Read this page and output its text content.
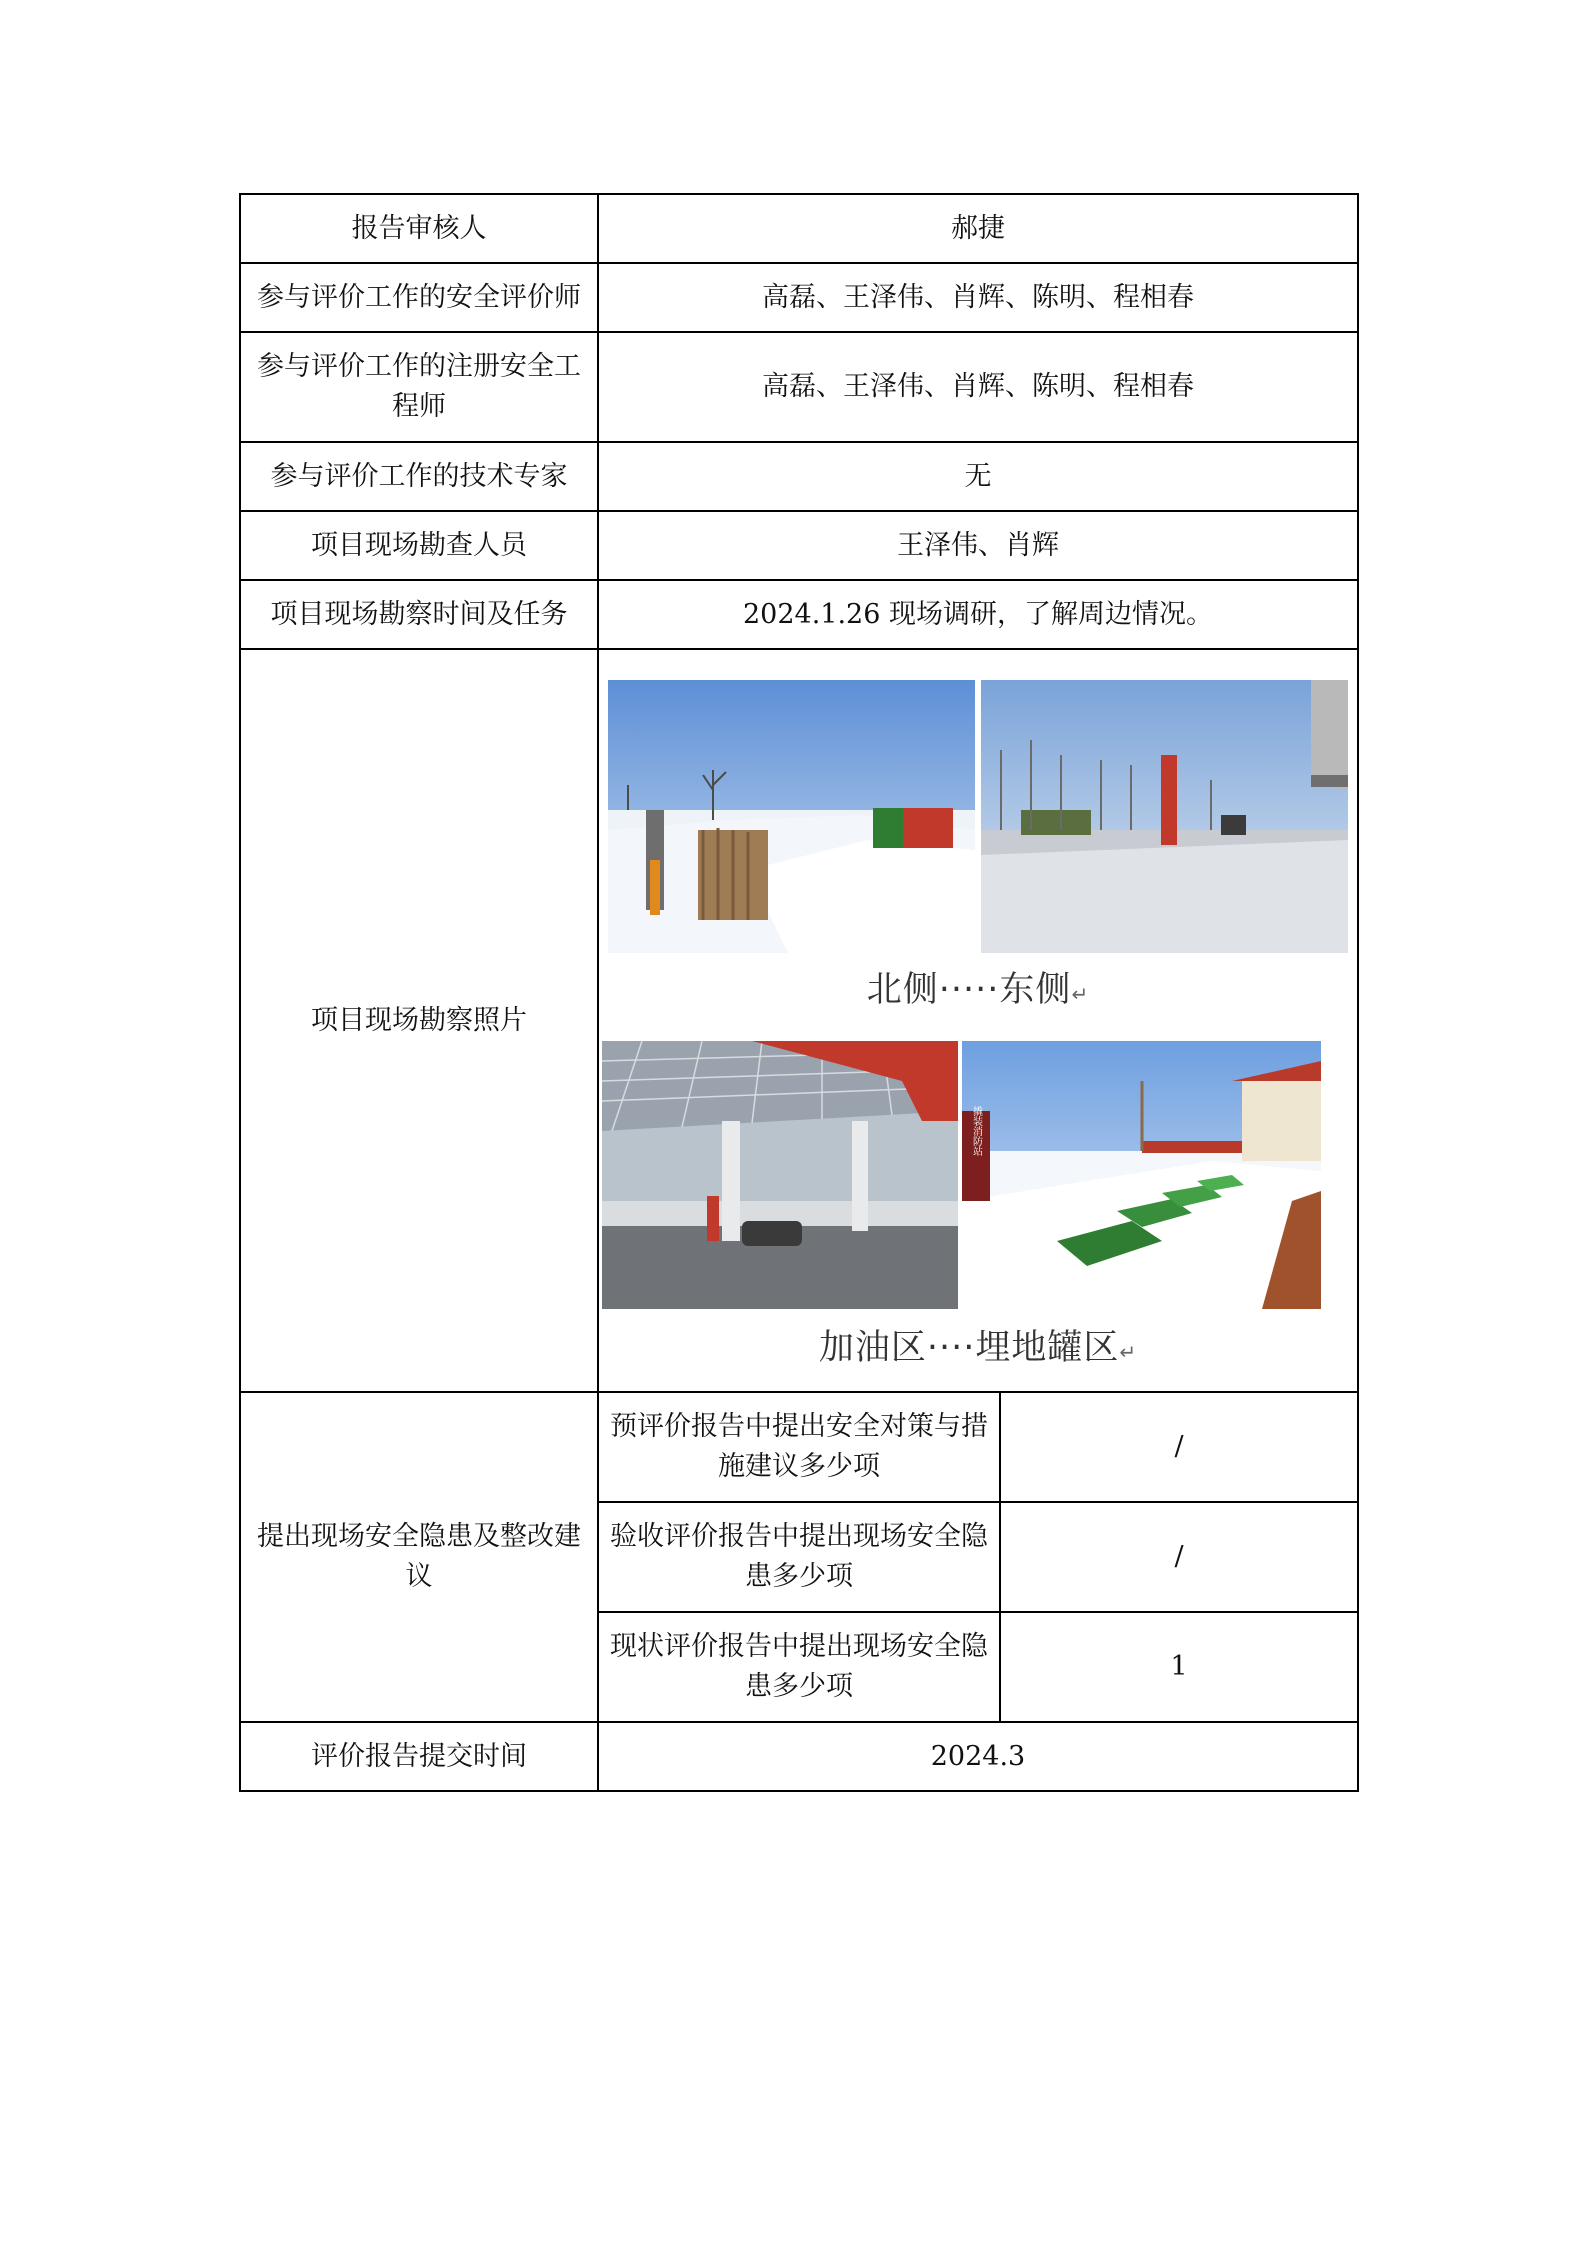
报告审核人	郝捷	
参与评价工作的安全评价师	高磊、王泽伟、肖辉、陈明、程相春	
参与评价工作的注册安全工程师	高磊、王泽伟、肖辉、陈明、程相春	
参与评价工作的技术专家	无	
项目现场勘查人员	王泽伟、肖辉	
项目现场勘察时间及任务	2024.1.26 现场调研，了解周边情况。	
项目现场勘察照片	北侧·····东侧↵
撬装消防站
加油区····埋地罐区↵	

提出现场安全隐患及整改建议	预评价报告中提出安全对策与措施建议多少项	/
	验收评价报告中提出现场安全隐患多少项	/
	现状评价报告中提出现场安全隐患多少项	1
评价报告提交时间	2024.3	
